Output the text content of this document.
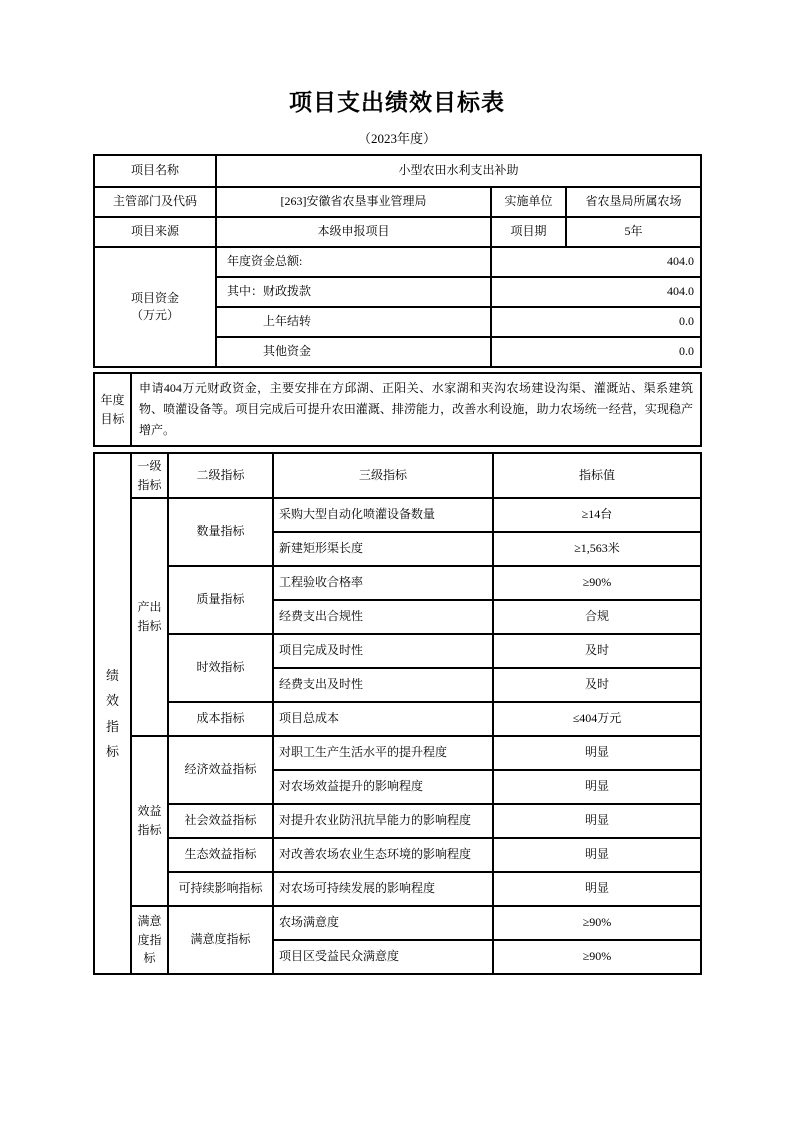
项目支出绩效目标表
（2023年度）
项目名称	小型农田水利支出补助		
主管部门及代码	[263]安徽省农垦事业管理局	实施单位	省农垦局所属农场
项目来源	本级申报项目	项目期	5年

项目资金
（万元）	年度资金总额:	404.0	
	其中：财政拨款	404.0	
	上年结转	0.0	
	其他资金	0.0	
年度目标	申请404万元财政资金，主要安排在方邱湖、正阳关、水家湖和夹沟农场建设沟渠、灌溉站、渠系建筑物、喷灌设备等。项目完成后可提升农田灌溉、排涝能力，改善水利设施，助力农场统一经营，实现稳产增产。
绩效指标	一级指标	二级指标	三级指标	指标值
	产出指标	数量指标	采购大型自动化喷灌设备数量	≥14台
			新建矩形渠长度	≥1,563米
		质量指标	工程验收合格率	≥90%
			经费支出合规性	合规
		时效指标	项目完成及时性	及时
			经费支出及时性	及时
		成本指标	项目总成本	≤404万元
	效益指标	经济效益指标	对职工生产生活水平的提升程度	明显
			对农场效益提升的影响程度	明显
		社会效益指标	对提升农业防汛抗旱能力的影响程度	明显
		生态效益指标	对改善农场农业生态环境的影响程度	明显
		可持续影响指标	对农场可持续发展的影响程度	明显
	满意度指标	满意度指标	农场满意度	≥90%
			项目区受益民众满意度	≥90%
